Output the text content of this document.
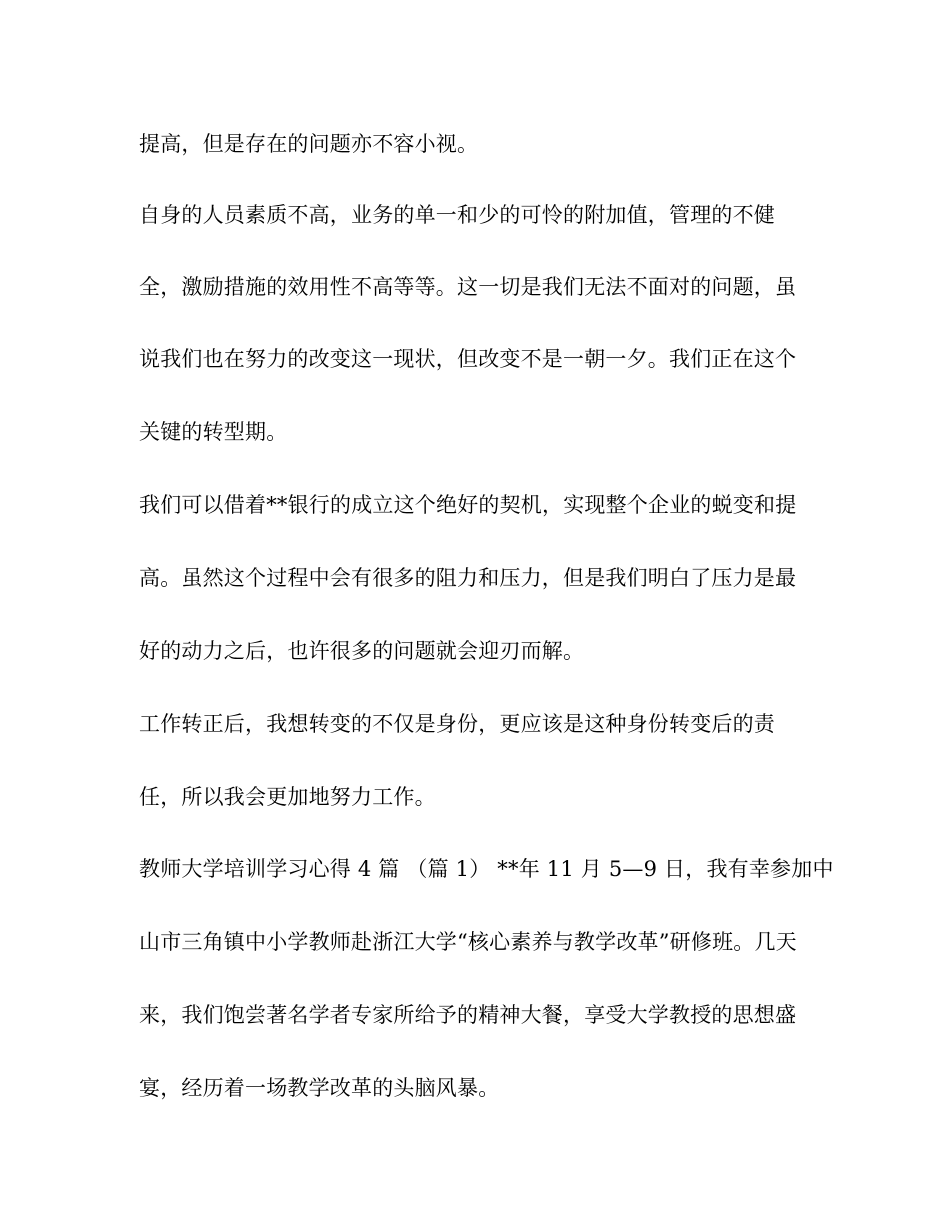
提高，但是存在的问题亦不容小视。
自身的人员素质不高，业务的单一和少的可怜的附加值，管理的不健
全，激励措施的效用性不高等等。这一切是我们无法不面对的问题，虽
说我们也在努力的改变这一现状，但改变不是一朝一夕。我们正在这个
关键的转型期。
我们可以借着**银行的成立这个绝好的契机，实现整个企业的蜕变和提
高。虽然这个过程中会有很多的阻力和压力，但是我们明白了压力是最
好的动力之后，也许很多的问题就会迎刃而解。
工作转正后，我想转变的不仅是身份，更应该是这种身份转变后的责
任，所以我会更加地努力工作。
教师大学培训学习心得 4 篇 （篇 1） **年 11 月 5—9 日，我有幸参加中
山市三角镇中小学教师赴浙江大学“核心素养与教学改革”研修班。几天
来，我们饱尝著名学者专家所给予的精神大餐，享受大学教授的思想盛
宴，经历着一场教学改革的头脑风暴。
